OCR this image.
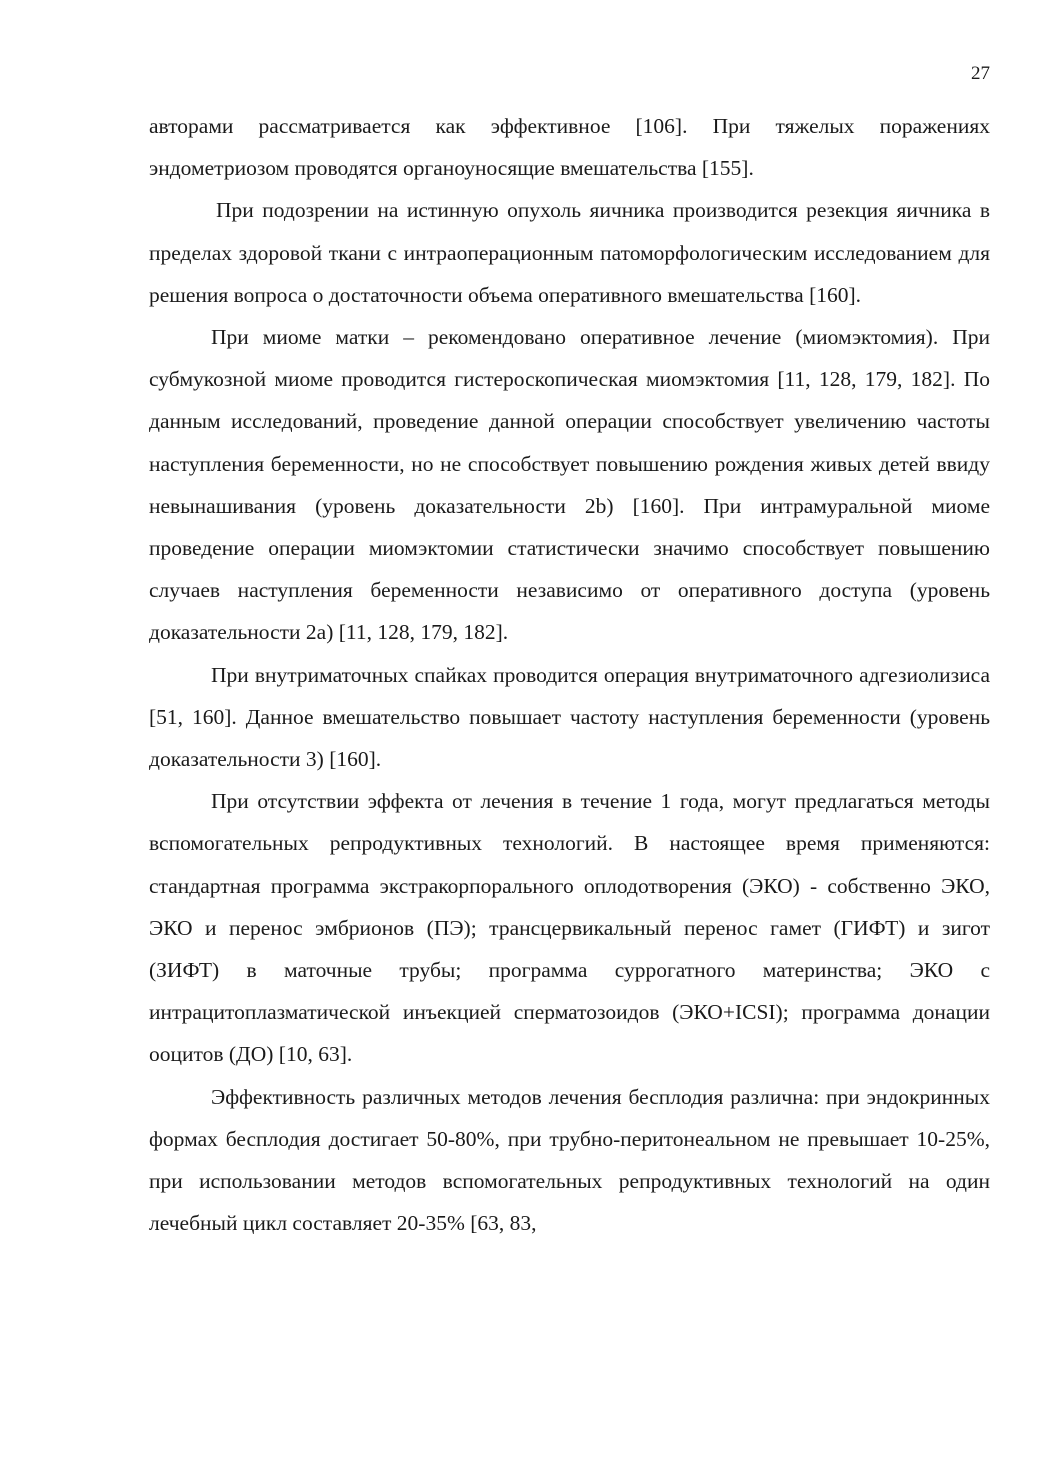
27

авторами рассматривается как эффективное [106]. При тяжелых поражениях эндометриозом проводятся органоуносящие вмешательства [155].

При подозрении на истинную опухоль яичника производится резекция яичника в пределах здоровой ткани с интраоперационным патоморфологическим исследованием для решения вопроса о достаточности объема оперативного вмешательства [160].

При миоме матки – рекомендовано оперативное лечение (миомэктомия). При субмукозной миоме проводится гистероскопическая миомэктомия [11, 128, 179, 182]. По данным исследований, проведение данной операции способствует увеличению частоты наступления беременности, но не способствует повышению рождения живых детей ввиду невынашивания (уровень доказательности 2b) [160]. При интрамуральной миоме проведение операции миомэктомии статистически значимо способствует повышению случаев наступления беременности независимо от оперативного доступа (уровень доказательности 2а) [11, 128, 179, 182].

При внутриматочных спайках проводится операция внутриматочного адгезиолизиса [51, 160]. Данное вмешательство повышает частоту наступления беременности (уровень доказательности 3) [160].

При отсутствии эффекта от лечения в течение 1 года, могут предлагаться методы вспомогательных репродуктивных технологий. В настоящее время применяются: стандартная программа экстракорпорального оплодотворения (ЭКО) - собственно ЭКО, ЭКО и перенос эмбрионов (ПЭ); трансцервикальный перенос гамет (ГИФТ) и зигот (ЗИФТ) в маточные трубы; программа суррогатного материнства; ЭКО с интрацитоплазматической инъекцией сперматозоидов (ЭКО+ICSI); программа донации ооцитов (ДО) [10, 63].

Эффективность различных методов лечения бесплодия различна: при эндокринных формах бесплодия достигает 50-80%, при трубно-перитонеальном не превышает 10-25%, при использовании методов вспомогательных репродуктивных технологий на один лечебный цикл составляет 20-35% [63, 83,
